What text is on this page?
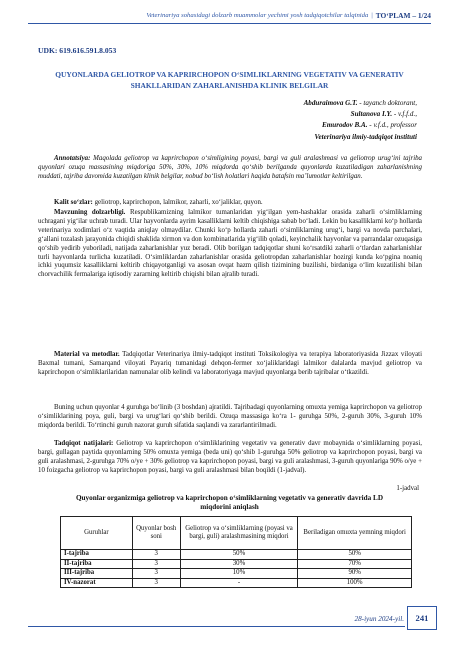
Veterinariya sohasidagi dolzarb muammolar yechimi yosh tadqiqotchilar talqinida | TO‘PLAM – 1/24
UDK: 619.616.591.8.053
QUYONLARDA GELIOTROP VA KAPRIRCHOPON O‘SIMLIKLARNING VEGETATIV VA GENERATIV SHAKLLARIDAN ZAHARLANISHDA KLINIK BELGILAR
Abduraimova G.T. - tayanch doktorant,
Sultanova I.Y. - v.f.f.d.,
Emurodov B.A. - v.f.d., professor
Veterinariya ilmiy-tadqiqot instituti

Annotatsiya: Maqolada geliotrop va kaprirchopon o‘simligining poyasi, bargi va guli aralashmasi va geliotrop urug‘ini tajriba quyonlari ozuqa massasining miqdoriga 50%, 30%, 10% miqdorda qo‘shib berilganda quyonlarda kuzatiladigan zaharlanishning muddati, tajriba davomida kuzatilgan klinik belgilar, nobud bo‘lish holatlari haqida batafsin ma’lumotlar keltirilgan.

Kalit so‘zlar: geliotrop, kaprirchopon, lalmikor, zaharli, xo‘jaliklar, quyon.

Mavzuning dolzarbligi. Respublikamizning lalmikor tumanlaridan yig‘ilgan yem-hashaklar orasida zaharli o‘simliklarning uchragani yig‘ilar uchrab turadi. Ular hayvonlarda ayrim kasalliklarni keltib chiqishiga sabab bo‘ladi. Lekin bu kasalliklarni ko‘p hollarda veterinariya xodimlari o‘z vaqtida aniqlay olmaydilar. Chunki ko‘p hollarda zaharli o‘simliklarning urug‘i, bargi va novda parchalari, g‘allani tozalash jarayonida chiqidi shaklida xirmon va don kombinatlarida yig‘ilib qoladi, keyinchalik hayvonlar va parrandalar ozuqasiga qo‘shib yedirib yuboriladi, natijada zaharlanishlar yuz beradi. Olib borilgan tadqiqotlar shuni ko‘rsatdiki zaharli o‘tlardan zaharlanishlar turli hayvonlarda turlicha kuzatiladi. O‘simliklardan zaharlanishlar orasida geliotropdan zaharlanishlar hozirgi kunda ko‘pgina noaniq ichki yuqumsiz kasalliklarni keltirib chiqayotganligi va asosan ovqat hazm qilish tizimining buzilishi, birdaniga o‘lim kuzatilishi bilan chorvachilik fermalariga iqtisodiy zararning keltirib chiqishi bilan ajralib turadi.

Material va metodlar. Tadqiqotlar Veterinariya ilmiy-tadqiqot instituti Toksikologiya va terapiya laboratoriyasida Jizzax viloyati Baxmal tumani, Samarqand viloyati Payariq tumanidagi dehqon-fermer xo‘jaliklaridagi lalmikor dalalarda mavjud geliotrop va kaprirchopon o‘simliklarilaridan namunalar olib kelindi va laboratoriyaga mavjud quyonlarga berib tajribalar o‘tkazildi.

Buning uchun quyonlar 4 guruhga bo‘linib (3 boshdan) ajratildi. Tajribadagi quyonlarning omuxta yemiga kaprirchopon va geliotrop o‘simliklarining poya, guli, bargi va urug‘lari qo‘shib berildi. Ozuqa massasiga ko‘ra 1- guruhga 50%, 2-guruh 30%, 3-guruh 10% miqdorda berildi. To‘rtinchi guruh nazorat guruh sifatida saqlandi va zararlantirilmadi.

Tadqiqot natijalari: Geliotrop va kaprirchopon o‘simliklarining vegetativ va generativ davr mobaynida o‘simliklarning poyasi, bargi, gullagan paytida quyonlarning 50% omuxta yemiga (beda uni) qo‘shib 1-guruhga 50% geliotrop va kaprirchopon poyasi, bargi va guli aralashmasi, 2-guruhga 70% o/ye + 30% geliotrop va kaprirchopon poyasi, bargi va guli aralashmasi, 3-guruh quyonlariga 90% o/ye + 10 foizgacha geliotrop va kaprirchopon poyasi, bargi va guli aralashmasi bilan boqildi (1-jadval).

1-jadval
Quyonlar organizmiga geliotrop va kaprirchopon o‘simliklarning vegetativ va generativ davrida LD miqdorini aniqlash
Guruhlar	Quyonlar bosh soni	Geliotrop va o‘simliklarning (poyasi va bargi, guli) aralashmasining miqdori	Beriladigan omuxta yemning miqdori
I-tajriba	3	50%	50%
II-tajriba	3	30%	70%
III-tajriba	3	10%	90%
IV-nazorat	3	-	100%
28-iyun 2024-yil.	241
